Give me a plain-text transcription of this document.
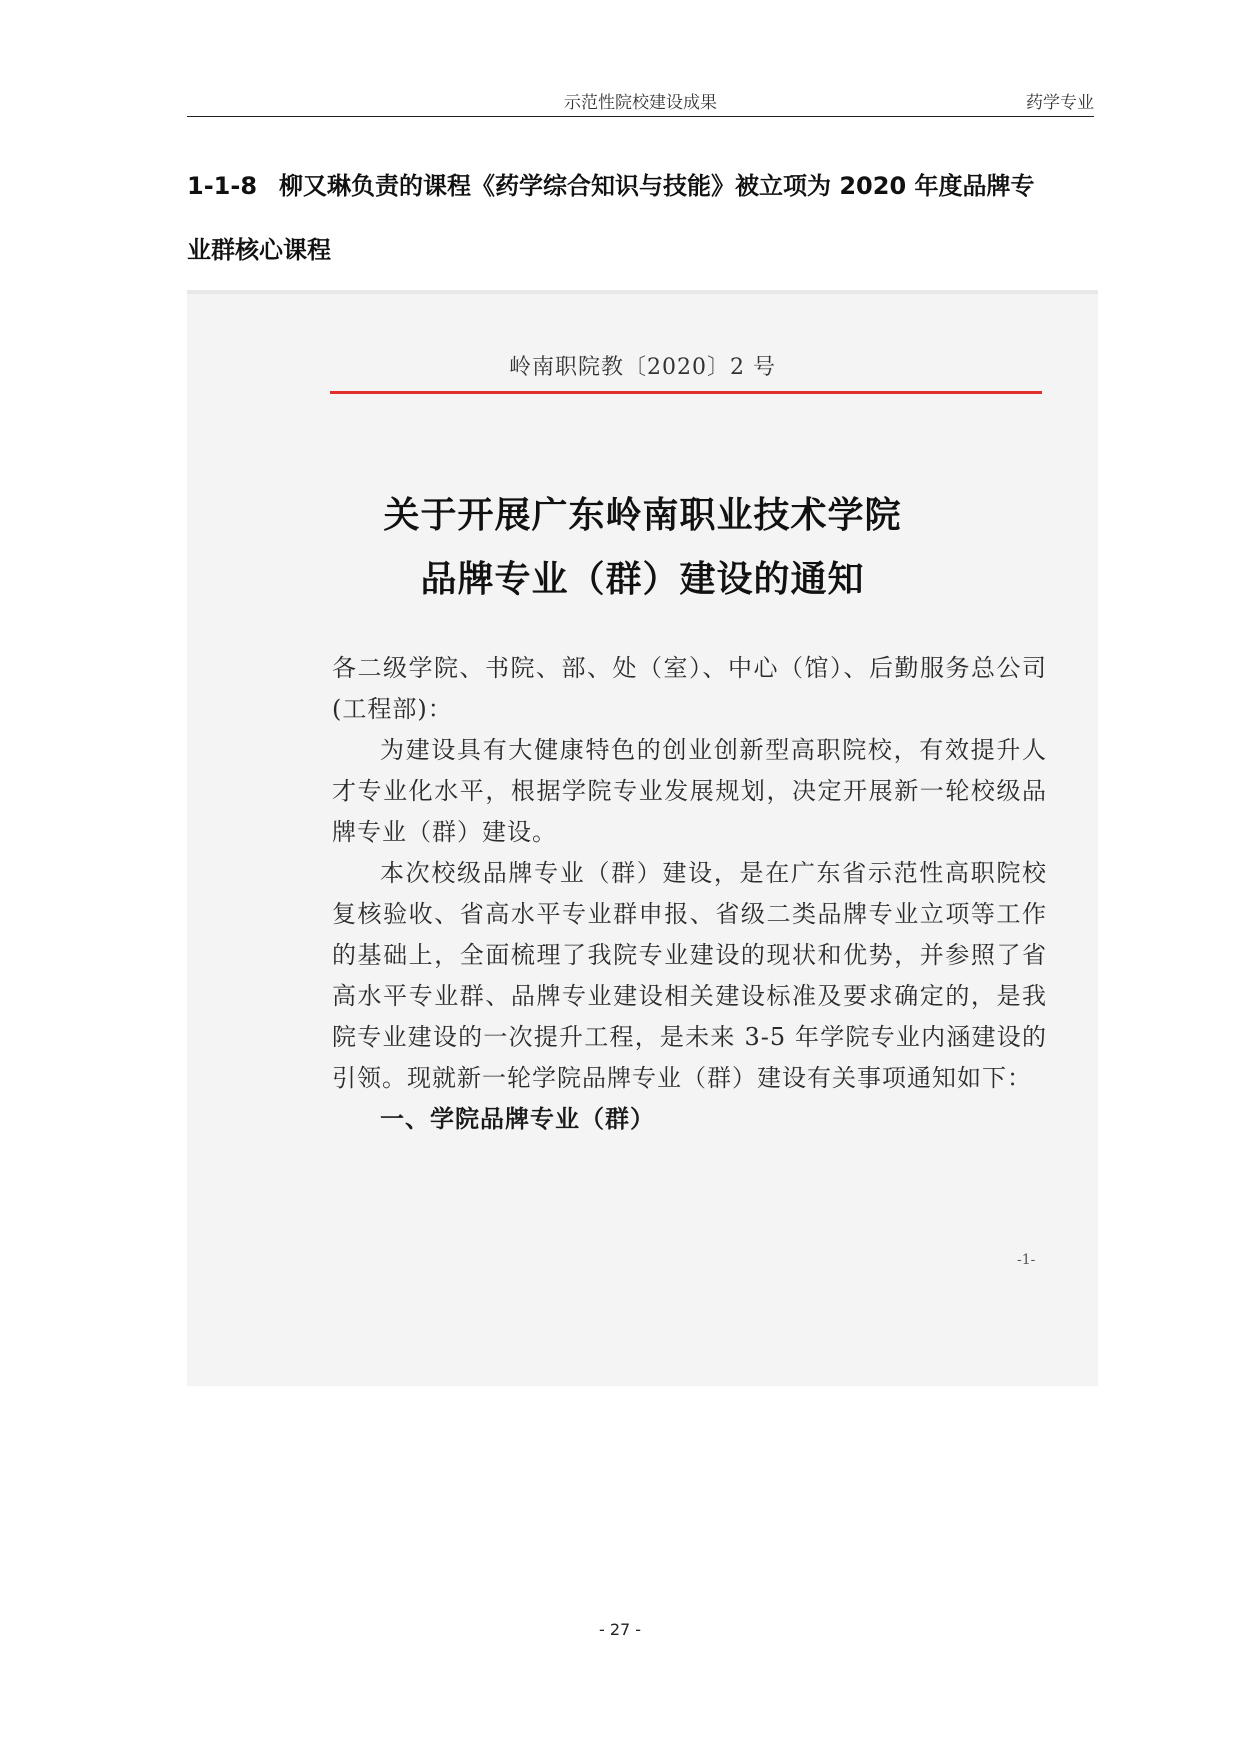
示范性院校建设成果	药学专业
1-1-8 柳又琳负责的课程《药学综合知识与技能》被立项为 2020 年度品牌专
业群核心课程
岭南职院教〔2020〕2 号
关于开展广东岭南职业技术学院
品牌专业（群）建设的通知

各二级学院、书院、部、处（室）、中心（馆）、后勤服务总公司(工程部)：

为建设具有大健康特色的创业创新型高职院校，有效提升人才专业化水平，根据学院专业发展规划，决定开展新一轮校级品牌专业（群）建设。

本次校级品牌专业（群）建设，是在广东省示范性高职院校复核验收、省高水平专业群申报、省级二类品牌专业立项等工作的基础上，全面梳理了我院专业建设的现状和优势，并参照了省高水平专业群、品牌专业建设相关建设标准及要求确定的，是我院专业建设的一次提升工程，是未来 3-5 年学院专业内涵建设的引领。现就新一轮学院品牌专业（群）建设有关事项通知如下：

一、学院品牌专业（群）

-1-
- 27 -
